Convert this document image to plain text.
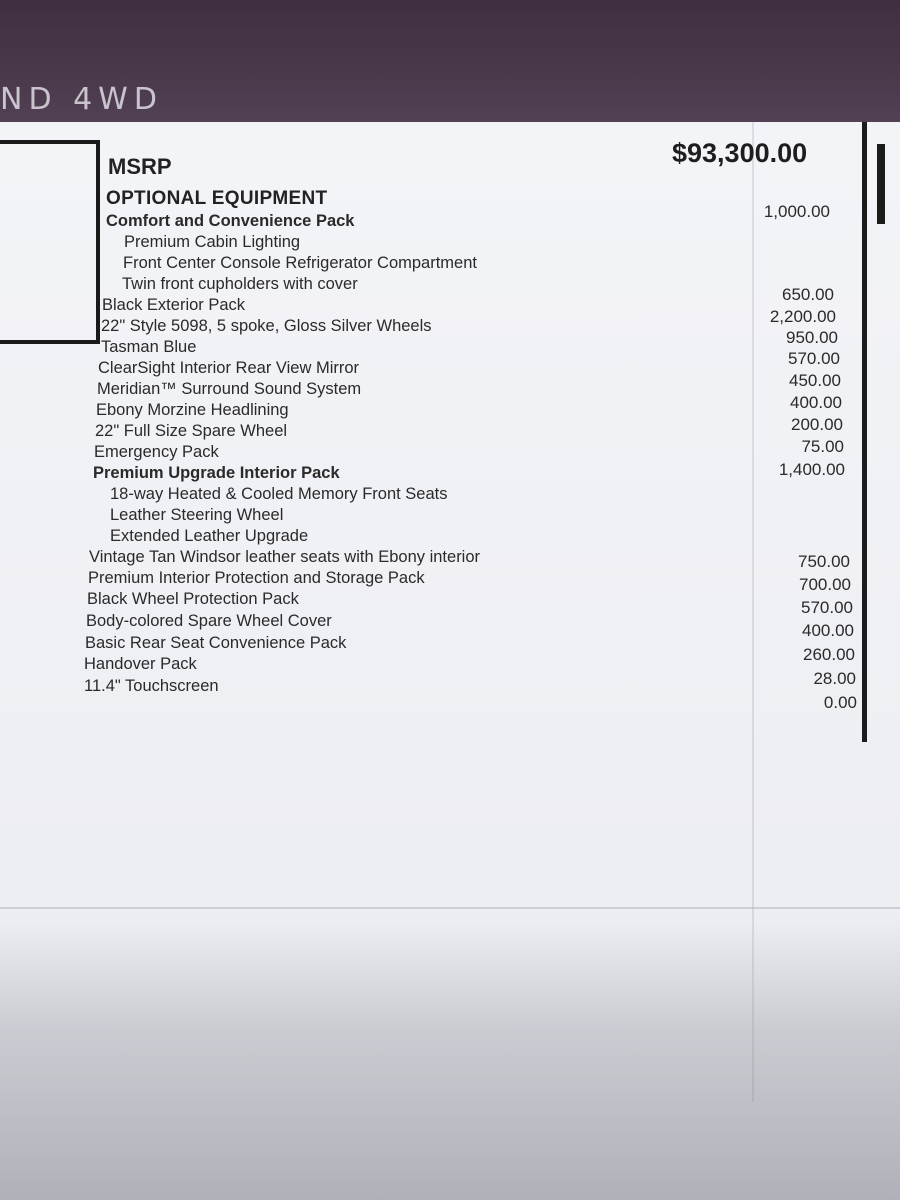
ND 4WD
MSRP	$93,300.00
OPTIONAL EQUIPMENT
Comfort and Convenience Pack
Premium Cabin Lighting
Front Center Console Refrigerator Compartment
Twin front cupholders with cover
Black Exterior Pack
22" Style 5098, 5 spoke, Gloss Silver Wheels
Tasman Blue
ClearSight Interior Rear View Mirror
Meridian™ Surround Sound System
Ebony Morzine Headlining
22" Full Size Spare Wheel
Emergency Pack
Premium Upgrade Interior Pack
18-way Heated & Cooled Memory Front Seats
Leather Steering Wheel
Extended Leather Upgrade
Vintage Tan Windsor leather seats with Ebony interior
Premium Interior Protection and Storage Pack
Black Wheel Protection Pack
Body-colored Spare Wheel Cover
Basic Rear Seat Convenience Pack
Handover Pack
11.4" Touchscreen
1,000.00
650.00
2,200.00
950.00
570.00
450.00
400.00
200.00
75.00
1,400.00
750.00
700.00
570.00
400.00
260.00
28.00
0.00
